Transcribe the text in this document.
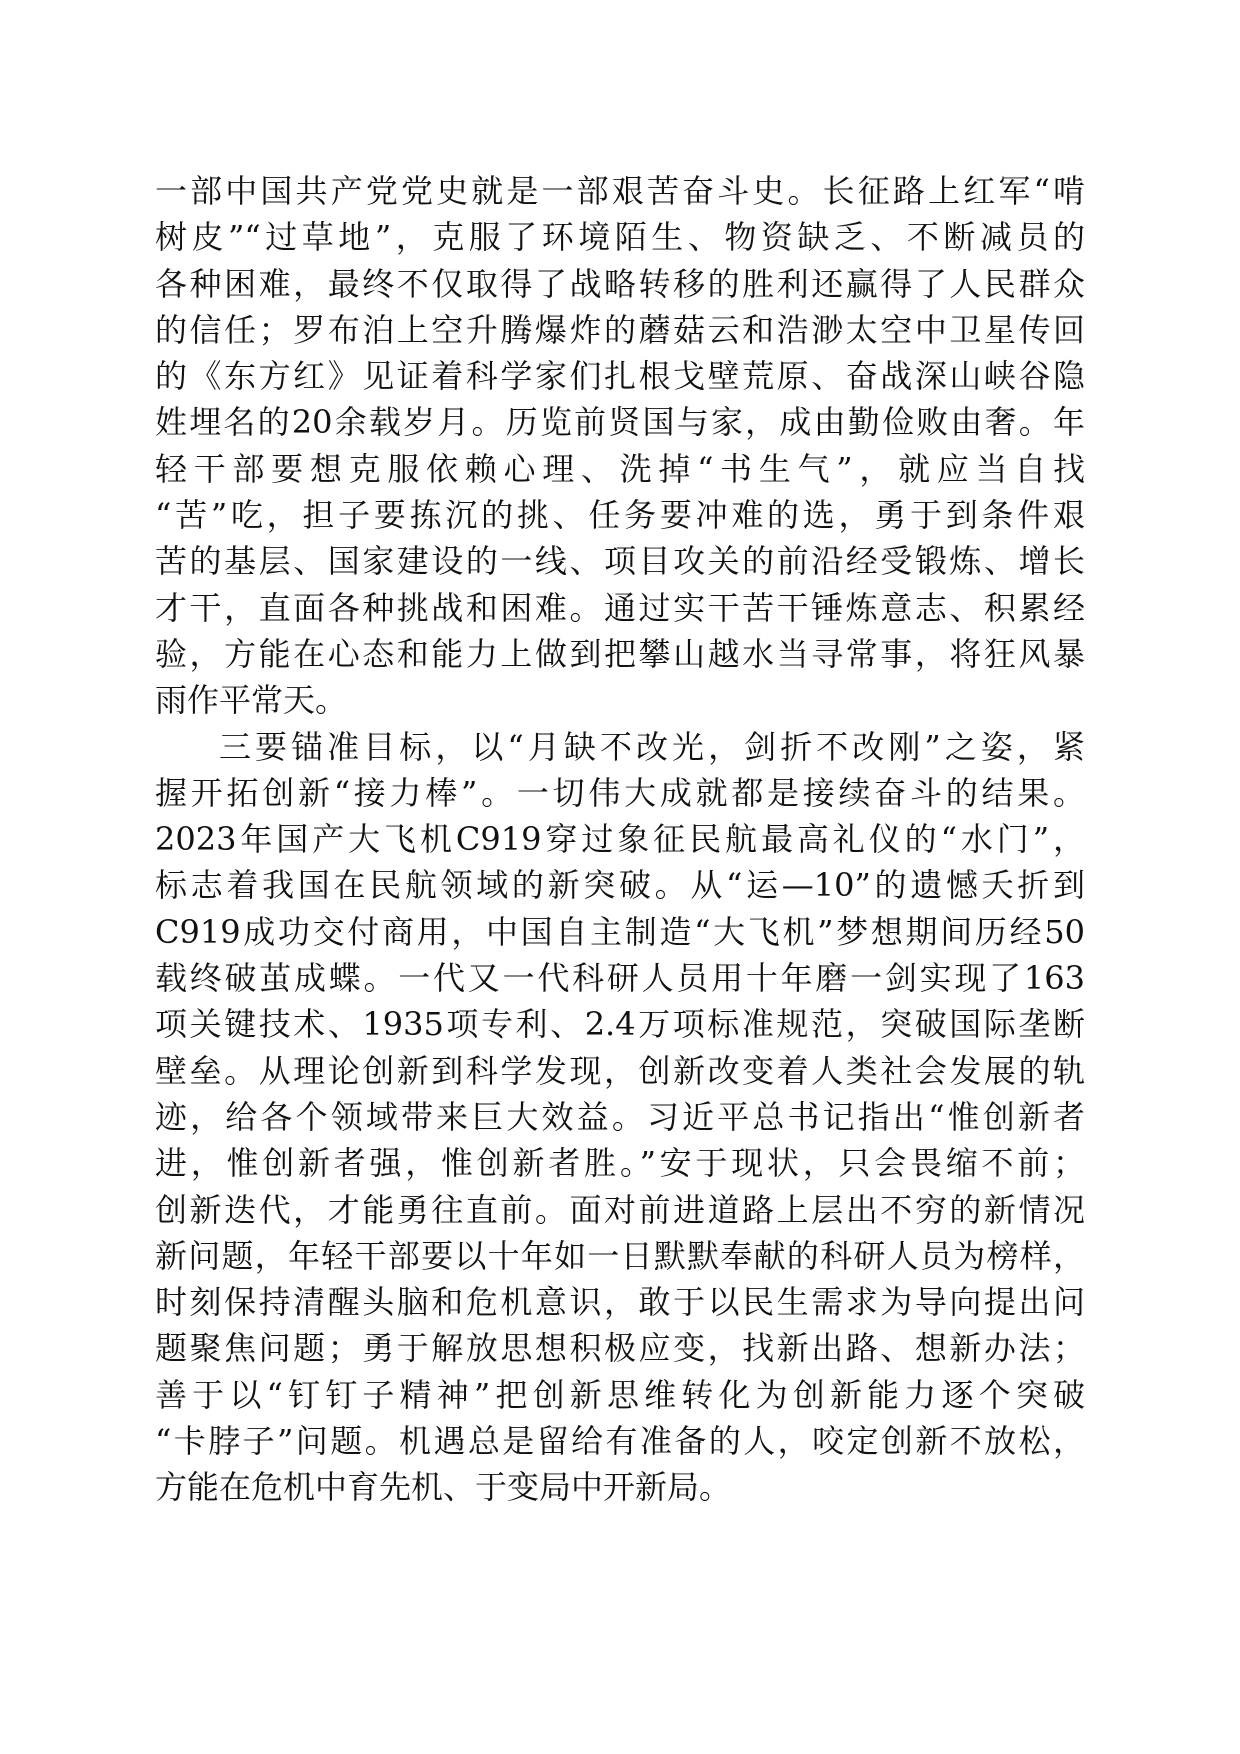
一部中国共产党党史就是一部艰苦奋斗史。长征路上红军“啃
树皮”“过草地”，克服了环境陌生、物资缺乏、不断减员的
各种困难，最终不仅取得了战略转移的胜利还赢得了人民群众
的信任；罗布泊上空升腾爆炸的蘑菇云和浩渺太空中卫星传回
的《东方红》见证着科学家们扎根戈壁荒原、奋战深山峡谷隐
姓埋名的20余载岁月。历览前贤国与家，成由勤俭败由奢。年
轻干部要想克服依赖心理、洗掉“书生气”，就应当自找
“苦”吃，担子要拣沉的挑、任务要冲难的选，勇于到条件艰
苦的基层、国家建设的一线、项目攻关的前沿经受锻炼、增长
才干，直面各种挑战和困难。通过实干苦干锤炼意志、积累经
验，方能在心态和能力上做到把攀山越水当寻常事，将狂风暴
雨作平常天。
三要锚准目标，以“月缺不改光，剑折不改刚”之姿，紧
握开拓创新“接力棒”。一切伟大成就都是接续奋斗的结果。
2023年国产大飞机C919穿过象征民航最高礼仪的“水门”，
标志着我国在民航领域的新突破。从“运—10”的遗憾夭折到
C919成功交付商用，中国自主制造“大飞机”梦想期间历经50
载终破茧成蝶。一代又一代科研人员用十年磨一剑实现了163
项关键技术、1935项专利、2.4万项标准规范，突破国际垄断
壁垒。从理论创新到科学发现，创新改变着人类社会发展的轨
迹，给各个领域带来巨大效益。习近平总书记指出“惟创新者
进，惟创新者强，惟创新者胜。”安于现状，只会畏缩不前；
创新迭代，才能勇往直前。面对前进道路上层出不穷的新情况
新问题，年轻干部要以十年如一日默默奉献的科研人员为榜样，
时刻保持清醒头脑和危机意识，敢于以民生需求为导向提出问
题聚焦问题；勇于解放思想积极应变，找新出路、想新办法；
善于以“钉钉子精神”把创新思维转化为创新能力逐个突破
“卡脖子”问题。机遇总是留给有准备的人，咬定创新不放松，
方能在危机中育先机、于变局中开新局。
